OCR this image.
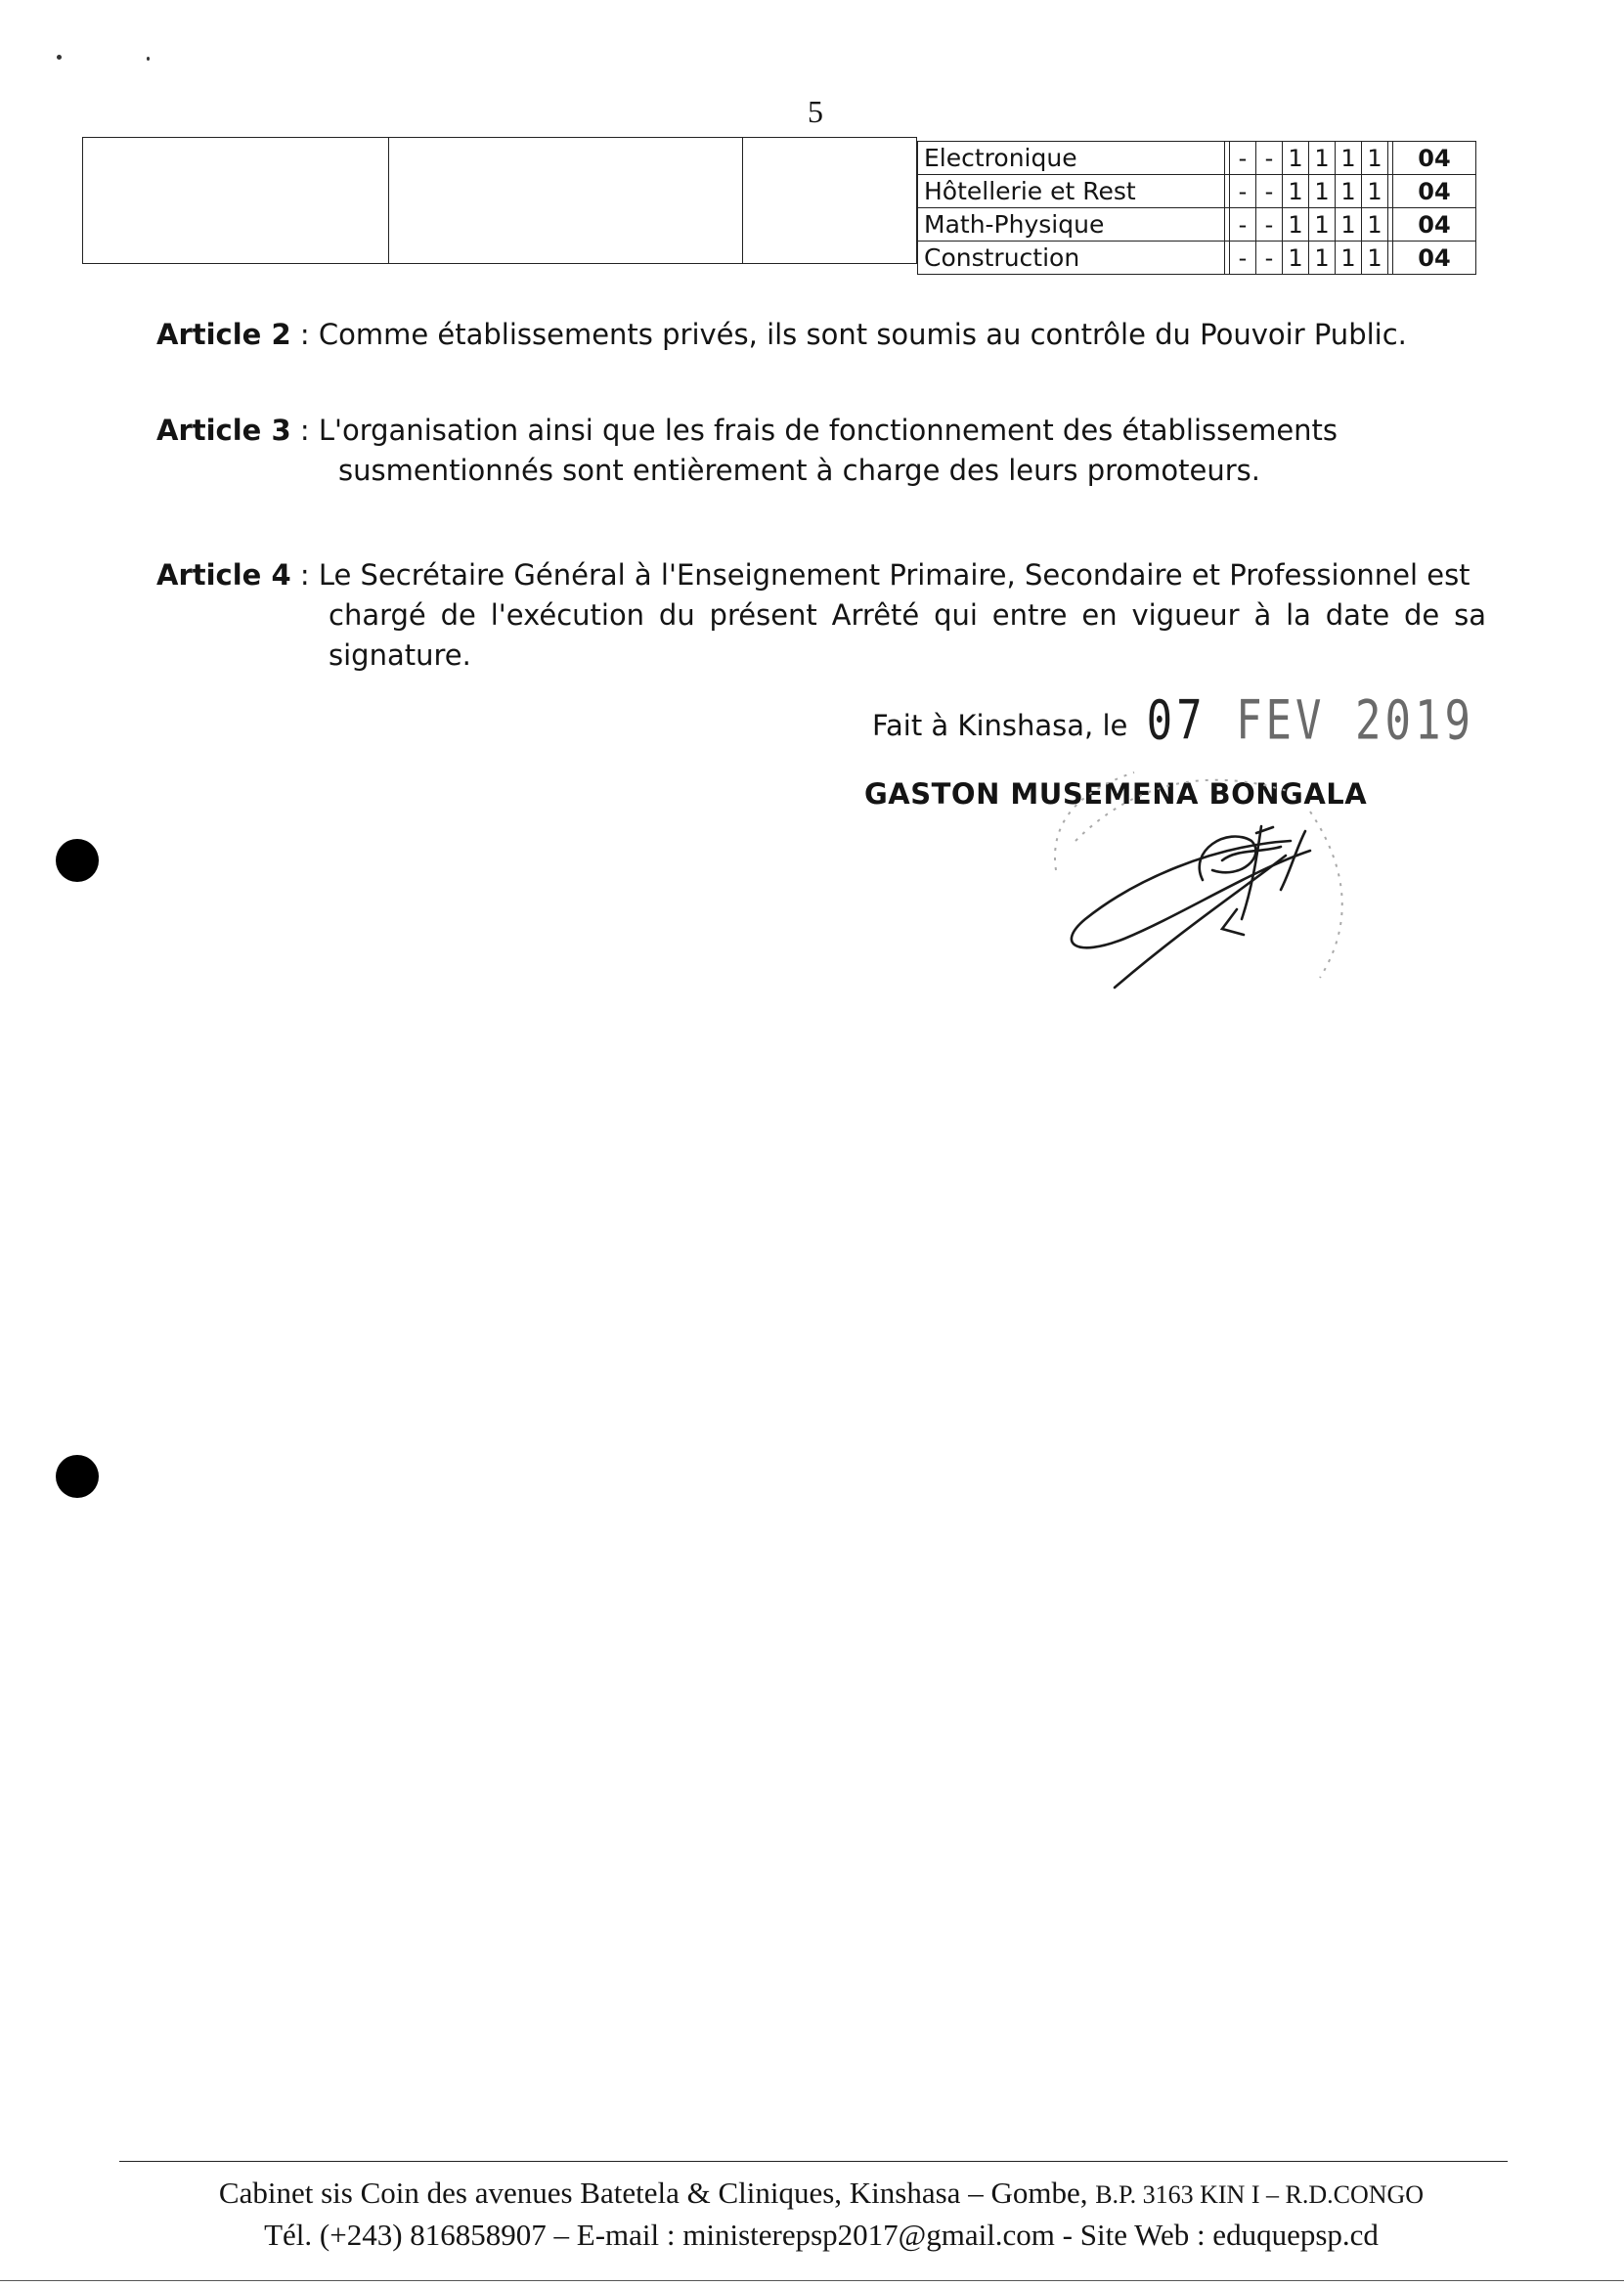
5
Electronique		-	-	1	1	1	1		04
Hôtellerie et Rest		-	-	1	1	1	1		04
Math-Physique		-	-	1	1	1	1		04
Construction		-	-	1	1	1	1		04
Article 2 : Comme établissements privés, ils sont soumis au contrôle du Pouvoir Public.
Article 3 : L'organisation ainsi que les frais de fonctionnement des établissements
susmentionnés sont entièrement à charge des leurs promoteurs.
Article 4 : Le Secrétaire Général à l'Enseignement Primaire, Secondaire et Professionnel est
chargé de l'exécution du présent Arrêté qui entre en vigueur à la date de sa signature.
Fait à Kinshasa, le 07 FEV 2019
GASTON MUSEMENA BONGALA
Cabinet sis Coin des avenues Batetela & Cliniques, Kinshasa – Gombe, B.P. 3163 KIN I – R.D.CONGO
Tél. (+243) 816858907 – E-mail : ministerepsp2017@gmail.com - Site Web : eduquepsp.cd
